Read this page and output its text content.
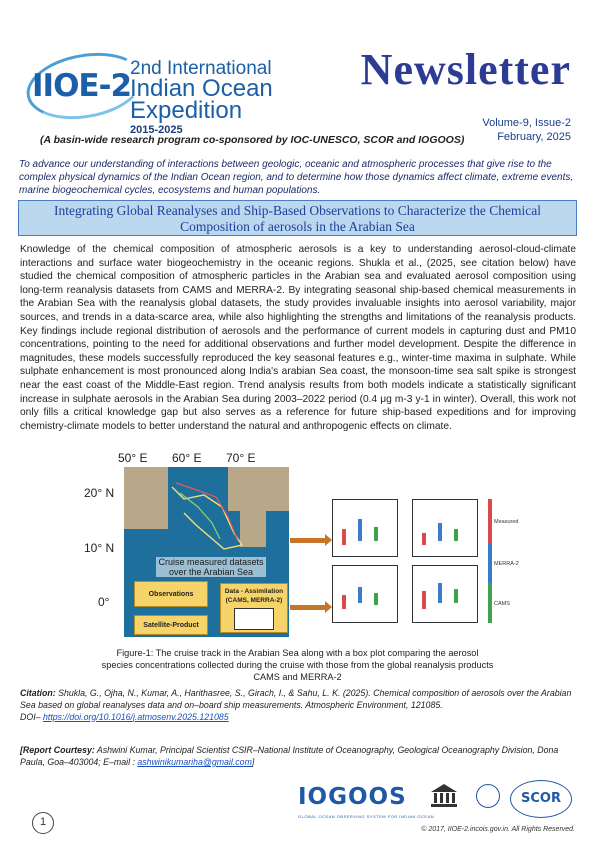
IIOE-2
2nd International
Indian Ocean
Expedition
2015-2025
(A basin-wide research program co-sponsored by IOC-UNESCO, SCOR and IOGOOS)
Newsletter
Volume-9, Issue-2
February, 2025
To advance our understanding of interactions between geologic, oceanic and atmospheric processes that give rise to the complex physical dynamics of the Indian Ocean region, and to determine how those dynamics affect climate, extreme events, marine biogeochemical cycles, ecosystems and human populations.
Integrating Global Reanalyses and Ship-Based Observations to Characterize the Chemical
Composition of aerosols in the Arabian Sea
Knowledge of the chemical composition of atmospheric aerosols is a key to understanding aerosol-cloud-climate interactions and surface water biogeochemistry in the oceanic regions. Shukla et al., (2025, see citation below) have studied the chemical composition of atmospheric particles in the Arabian sea and evaluated aerosol composition using long-term reanalysis datasets from CAMS and MERRA-2. By integrating seasonal ship-based chemical measurements in the Arabian Sea with the reanalysis global datasets, the study provides invaluable insights into aerosol variability, major sources, and trends in a data-scarce area, while also highlighting the strengths and limitations of the reanalysis products. Key findings include regional distribution of aerosols and the performance of current models in capturing dust and PM10 concentrations, pointing to the need for additional observations and further model development. Despite the difference in magnitudes, these models successfully reproduced the key seasonal features e.g., winter-time maxima in sulphate. While sulphate enhancement is most pronounced along India's arabian Sea coast, the monsoon-time sea salt spike is strongest near the east coast of the Middle-East region. Trend analysis results from both models indicate a statistically significant increase in sulphate aerosols in the Arabian Sea during 2003–2022 period (0.4 μg m-3 y-1 in winter). Overall, this work not only fills a critical knowledge gap but also serves as a reference for future ship-based expeditions and for improving chemistry-climate models to better understand the natural and anthropogenic effects on climate.
50° E 60° E 70° E
20° N
10° N
0°
Cruise measured datasets
over the Arabian Sea
Observations
Satellite-Product
Data - Assimilation
(CAMS, MERRA-2)
Measured
MERRA-2
CAMS
Figure-1: The cruise track in the Arabian Sea along with a box plot comparing the aerosol
species concentrations collected during the cruise with those from the global reanalysis products
CAMS and MERRA-2
Citation: Shukla, G., Ojha, N., Kumar, A., Harithasree, S., Girach, I., & Sahu, L. K. (2025). Chemical composition of aerosols over the Arabian Sea based on global reanalyses data and on–board ship measurements. Atmospheric Environment, 121085.
DOI– https://doi.org/10.1016/j.atmosenv.2025.121085
[Report Courtesy: Ashwini Kumar, Principal Scientist CSIR–National Institute of Oceanography, Geological Oceanography Division, Dona Paula, Goa–403004; E–mail : ashwinikumariha@gmail.com]
1
IOGOOS
GLOBAL OCEAN OBSERVING SYSTEM FOR INDIAN OCEAN
SCOR
© 2017, IIOE-2.incois.gov.in. All Rights Reserved.
